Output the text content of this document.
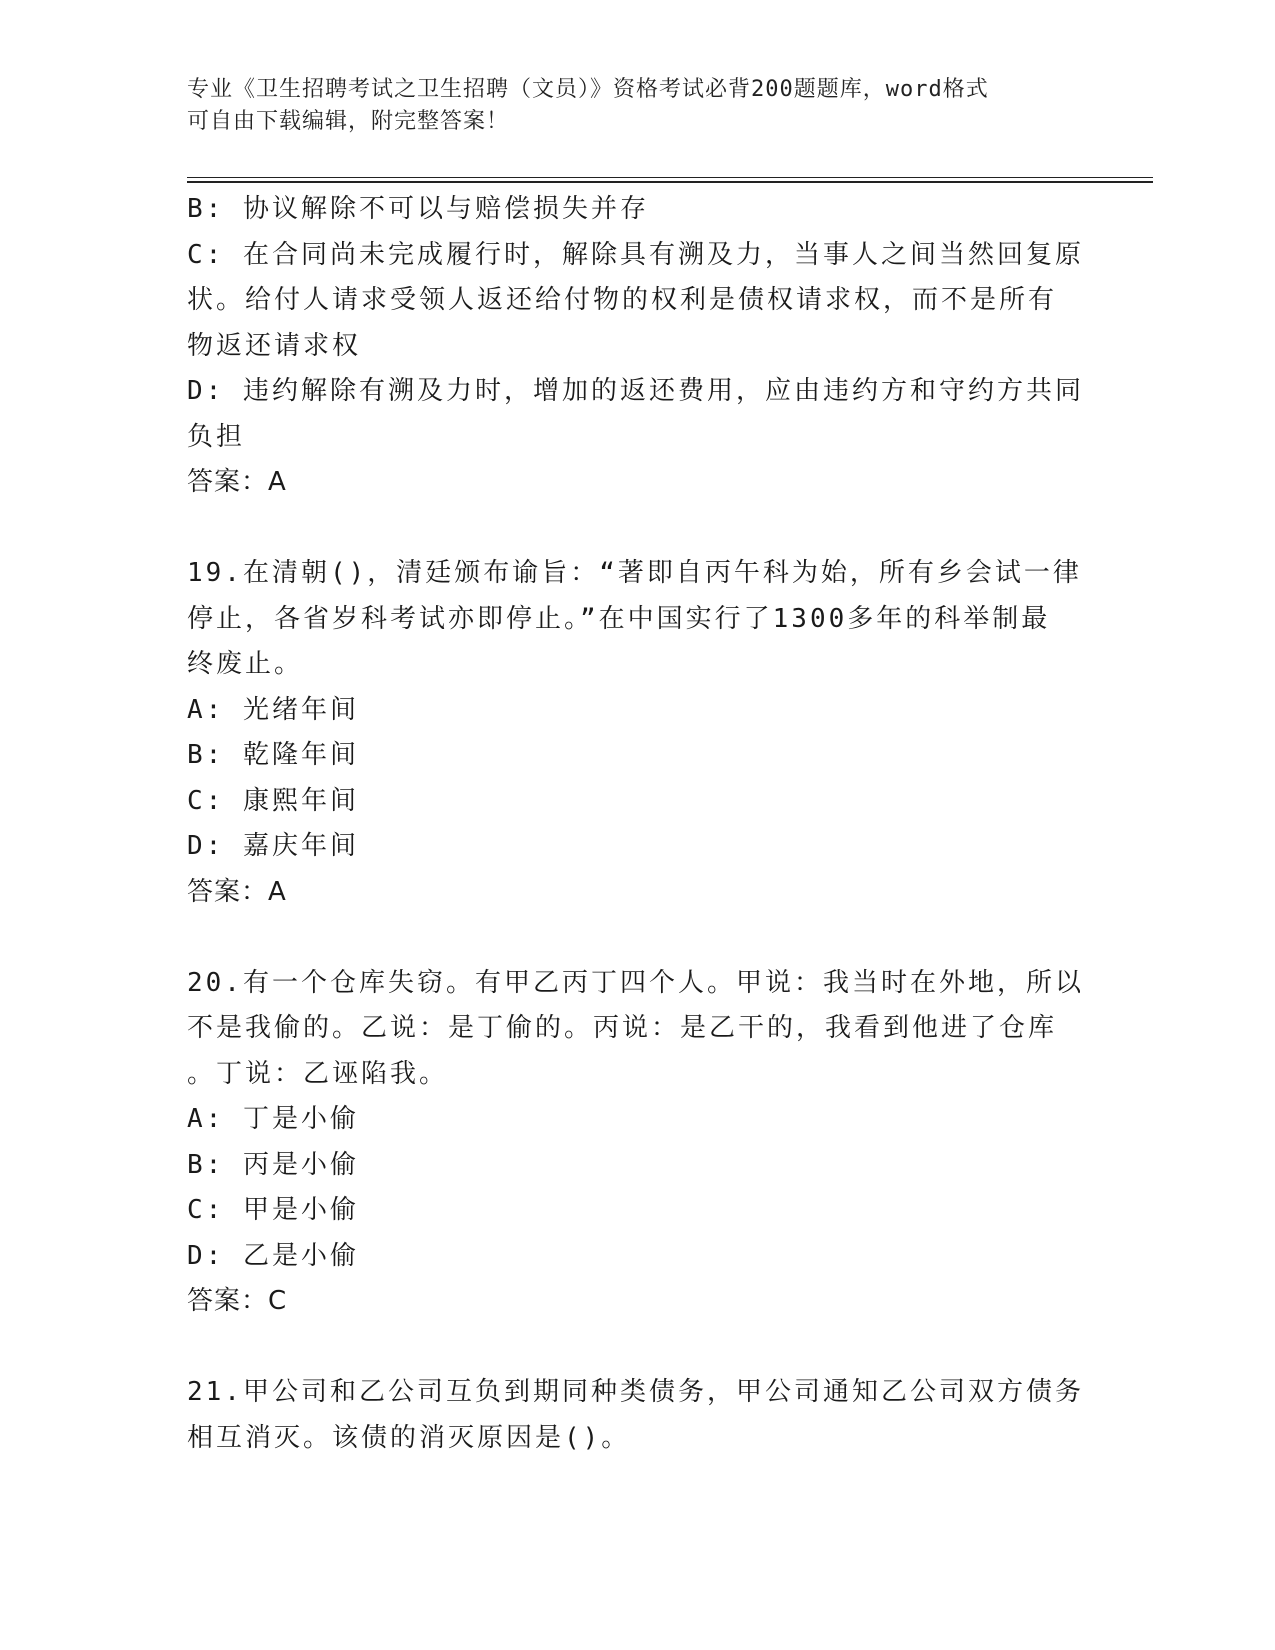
专业《卫生招聘考试之卫生招聘（文员）》资格考试必背200题题库，word格式
可自由下载编辑，附完整答案！
B: 协议解除不可以与赔偿损失并存
C: 在合同尚未完成履行时，解除具有溯及力，当事人之间当然回复原
状。给付人请求受领人返还给付物的权利是债权请求权，而不是所有
物返还请求权
D: 违约解除有溯及力时，增加的返还费用，应由违约方和守约方共同
负担
答案：A
19.在清朝()，清廷颁布谕旨：“著即自丙午科为始，所有乡会试一律
停止，各省岁科考试亦即停止。”在中国实行了1300多年的科举制最
终废止。
A: 光绪年间
B: 乾隆年间
C: 康熙年间
D: 嘉庆年间
答案：A
20.有一个仓库失窃。有甲乙丙丁四个人。甲说：我当时在外地，所以
不是我偷的。乙说：是丁偷的。丙说：是乙干的，我看到他进了仓库
。丁说：乙诬陷我。
A: 丁是小偷
B: 丙是小偷
C: 甲是小偷
D: 乙是小偷
答案：C
21.甲公司和乙公司互负到期同种类债务，甲公司通知乙公司双方债务
相互消灭。该债的消灭原因是()。
